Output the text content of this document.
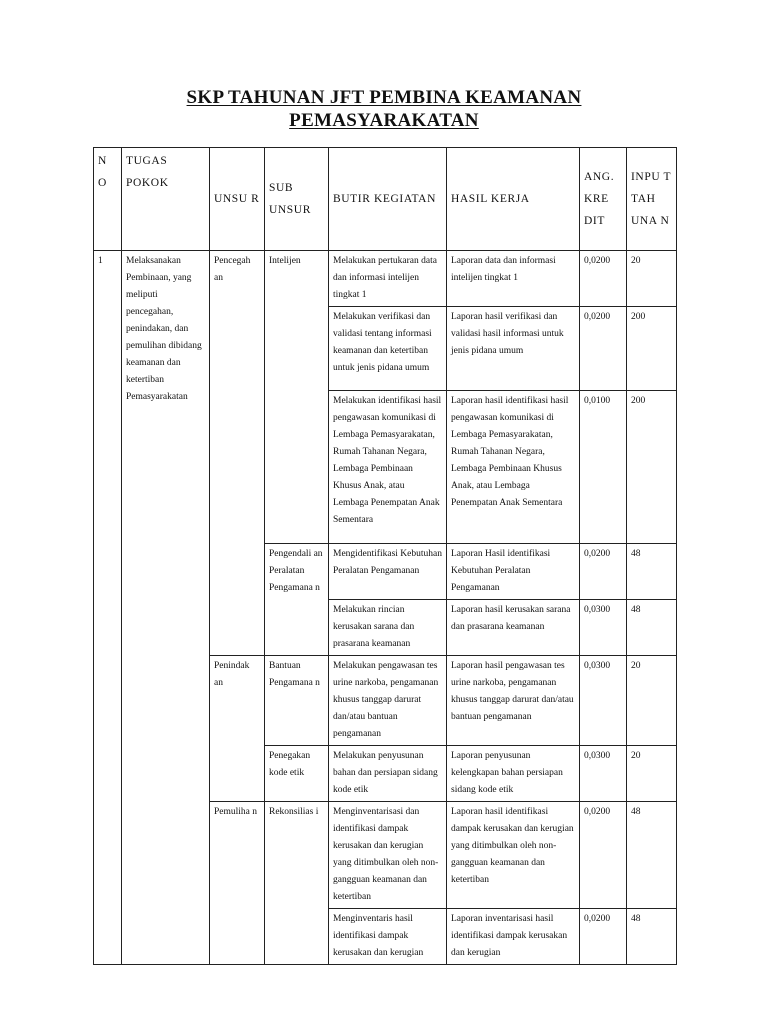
SKP TAHUNAN JFT PEMBINA KEAMANAN
PEMASYARAKATAN
N O	TUGAS POKOK	UNSU R	SUB UNSUR	BUTIR KEGIATAN	HASIL KERJA	ANG. KRE DIT	INPU T TAH UNA N
1	Melaksanakan Pembinaan, yang meliputi pencegahan, penindakan, dan pemulihan dibidang keamanan dan ketertiban Pemasyarakatan	Pencegah an	Intelijen	Melakukan pertukaran data dan informasi intelijen tingkat 1	Laporan data dan informasi intelijen tingkat 1	0,0200	20
				Melakukan verifikasi dan validasi tentang informasi keamanan dan ketertiban untuk jenis pidana umum	Laporan hasil verifikasi dan validasi hasil informasi untuk jenis pidana umum	0,0200	200
				Melakukan identifikasi hasil pengawasan komunikasi di Lembaga Pemasyarakatan, Rumah Tahanan Negara, Lembaga Pembinaan Khusus Anak, atau Lembaga Penempatan Anak Sementara	Laporan hasil identifikasi hasil pengawasan komunikasi di Lembaga Pemasyarakatan, Rumah Tahanan Negara, Lembaga Pembinaan Khusus Anak, atau Lembaga Penempatan Anak Sementara	0,0100	200
			Pengendali an Peralatan Pengamana n	Mengidentifikasi Kebutuhan Peralatan Pengamanan	Laporan Hasil identifikasi Kebutuhan Peralatan Pengamanan	0,0200	48
				Melakukan rincian kerusakan sarana dan prasarana keamanan	Laporan hasil kerusakan sarana dan prasarana keamanan	0,0300	48
		Penindak an	Bantuan Pengamana n	Melakukan pengawasan tes urine narkoba, pengamanan khusus tanggap darurat dan/atau bantuan pengamanan	Laporan hasil pengawasan tes urine narkoba, pengamanan khusus tanggap darurat dan/atau bantuan pengamanan	0,0300	20
			Penegakan kode etik	Melakukan penyusunan bahan dan persiapan sidang kode etik	Laporan penyusunan kelengkapan bahan persiapan sidang kode etik	0,0300	20
		Pemuliha n	Rekonsilias i	Menginventarisasi dan identifikasi dampak kerusakan dan kerugian yang ditimbulkan oleh non-gangguan keamanan dan ketertiban	Laporan hasil identifikasi dampak kerusakan dan kerugian yang ditimbulkan oleh non-gangguan keamanan dan ketertiban	0,0200	48
				Menginventaris hasil identifikasi dampak kerusakan dan kerugian	Laporan inventarisasi hasil identifikasi dampak kerusakan dan kerugian	0,0200	48
